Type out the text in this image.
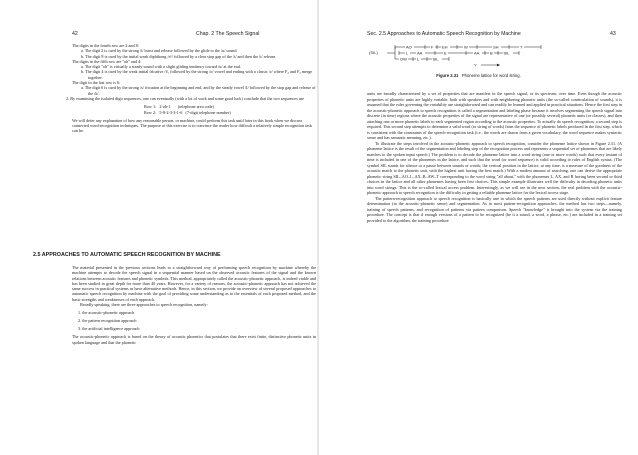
42	Chap. 2 The Speech Signal

The digits in the fourth row are 2 and 8:

a. The digit 2 is cued by the strong /t/ burst and release followed by the glide to the /u/ sound.

b. The digit 8 is cued by the initial weak diphthong /eʸ/ followed by a clear stop gap of the /t/ and then the /t/ release.

The digits in the fifth row are "oh" and 4:

a. The digit "oh" is virtually a steady sound with a slight gliding tendency toward /u/ at the end.

b. The digit 4 is cued by the weak initial fricative /f/, followed by the strong /o/ vowel and ending with a classic /r/ where F₂ and F₃ merge together.

The digit in the last row is 6:

a. The digit 6 is cued by the strong /s/ frication at the beginning and end, and by the steady vowel /I/ followed by the stop gap and release of the /k/.

2. By examining the isolated digit sequences, one can eventually (with a lot of work and some good luck) conclude that the two sequences are

Row 1: 2-oh-1 (telephone area code)

Row 2: 5-8-2-3-3-1-6 (7-digit telephone number)

We will defer any explanation of how any reasonable person, or machine, could perform this task until later in this book when we discuss connected word-recognition techniques. The purpose of this exercise is to convince the reader how difficult a relatively simple recognition task can be.

2.5 APPROACHES TO AUTOMATIC SPEECH RECOGNITION BY MACHINE

The material presented in the previous sections leads to a straightforward way of performing speech recognition by machine whereby the machine attempts to decode the speech signal in a sequential manner based on the observed acoustic features of the signal and the known relations between acoustic features and phonetic symbols. This method, appropriately called the acoustic-phonetic approach, is indeed viable and has been studied in great depth for more than 40 years. However, for a variety of reasons, the acoustic-phonetic approach has not achieved the same success in practical systems as have alternative methods. Hence, in this section, we provide an overview of several proposed approaches to automatic speech recognition by machine with the goal of providing some understanding as to the essentials of each proposed method, and the basic strengths and weaknesses of each approach.

Broadly speaking, there are three approaches to speech recognition, namely:

1. the acoustic-phonetic approach
2. the pattern recognition approach
3. the artificial intelligence approach

The acoustic-phonetic approach is based on the theory of acoustic phonetics that postulates that there exist finite, distinctive phonetic units in spoken language and that the phonetic

Sec. 2.5 Approaches to Automatic Speech Recognition by Machine	43
AO	F EH	W	SH	T
(SIL)	L AA	E	AA	B	SIL
OW	L	SIL
Y
Figure 2.31 Phoneme lattice for word string.

units are broadly characterized by a set of properties that are manifest in the speech signal, or its spectrum, over time. Even though the acoustic properties of phonetic units are highly variable, both with speakers and with neighboring phonetic units (the so-called coarticulation of sounds), it is assumed that the rules governing the variability are straightforward and can readily be learned and applied in practical situations. Hence the first step in the acoustic-phonetic approach to speech recognition is called a segmentation and labeling phase because it involves segmenting the speech signal into discrete (in time) regions where the acoustic properties of the signal are representative of one (or possibly several) phonetic units (or classes), and then attaching one or more phonetic labels to each segmented region according to the acoustic properties. To actually do speech recognition, a second step is required. This second step attempts to determine a valid word (or string of words) from the sequence of phonetic labels produced in the first step, which is consistent with the constraints of the speech-recognition task (i.e., the words are drawn from a given vocabulary, the word sequence makes syntactic sense and has semantic meaning, etc.).

To illustrate the steps involved in the acoustic-phonetic approach to speech recognition, consider the phoneme lattice shown in Figure 2.31. (A phoneme lattice is the result of the segmentation and labeling step of the recognition process and represents a sequential set of phonemes that are likely matches to the spoken input speech.) The problem is to decode the phoneme lattice into a word string (one or more words) such that every instant of time is included in one of the phonemes in the lattice, and such that the word (or word sequence) is valid according to rules of English syntax. (The symbol SIL stands for silence or a pause between sounds or words; the vertical position in the lattice, at any time, is a measure of the goodness of the acoustic match to the phonetic unit, with the highest unit having the best match.) With a modest amount of searching, one can derive the appropriate phonetic string SIL–AO–L–AX–B–AW–T corresponding to the word string "all about," with the phonemes L, AX, and B having been second or third choices in the lattice and all other phonemes having been first choices. This simple example illustrates well the difficulty in decoding phonetic units into word strings. This is the so-called lexical access problem. Interestingly, as we will see in the next section, the real problem with the acoustic-phonetic approach to speech recognition is the difficulty in getting a reliable phoneme lattice for the lexical access stage.

The pattern-recognition approach to speech recognition is basically one in which the speech patterns are used directly without explicit feature determination (in the acoustic-phonetic sense) and segmentation. As in most pattern-recognition approaches, the method has two steps—namely, training of speech patterns, and recognition of patterns via pattern comparison. Speech "knowledge" is brought into the system via the training procedure. The concept is that if enough versions of a pattern to be recognized (be it a sound, a word, a phrase, etc.) are included in a training set provided to the algorithm, the training procedure
